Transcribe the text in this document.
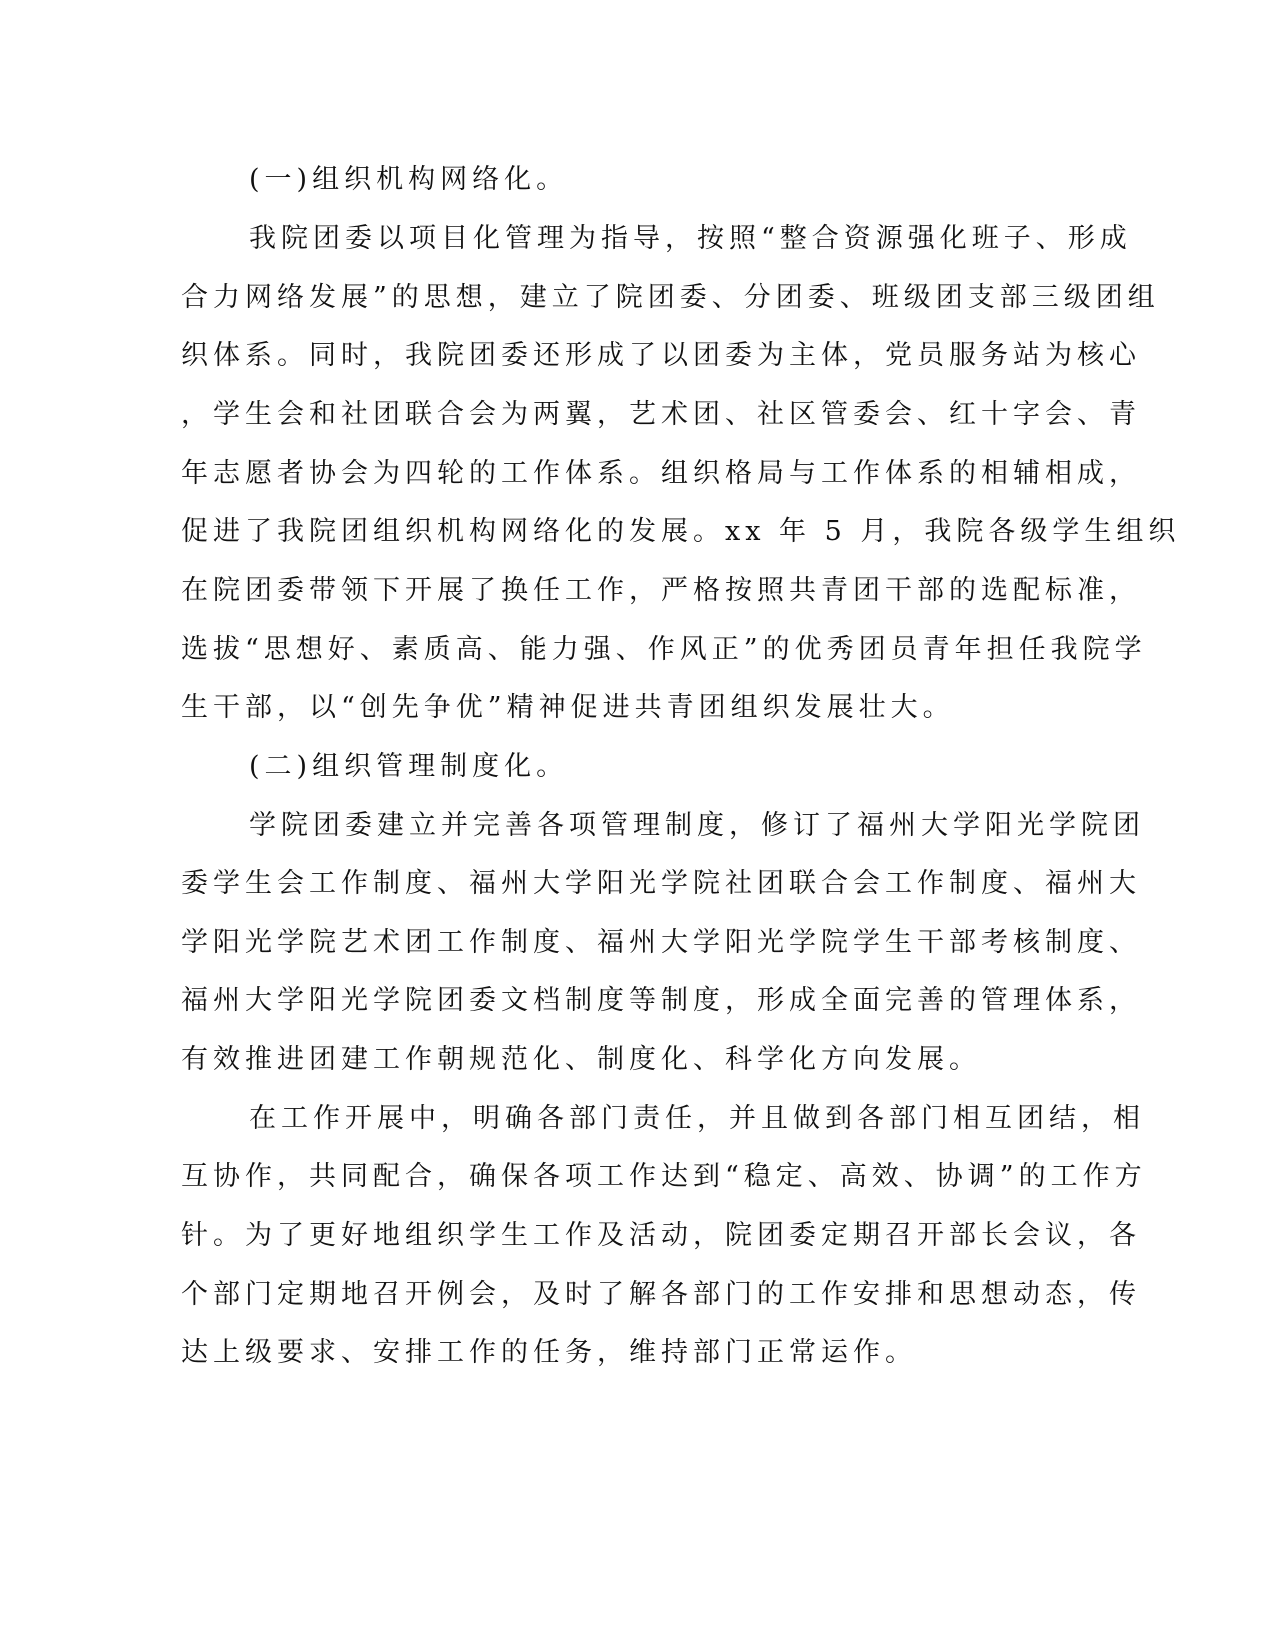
(一)组织机构网络化。
我院团委以项目化管理为指导，按照“整合资源强化班子、形成
合力网络发展”的思想，建立了院团委、分团委、班级团支部三级团组
织体系。同时，我院团委还形成了以团委为主体，党员服务站为核心
，学生会和社团联合会为两翼，艺术团、社区管委会、红十字会、青
年志愿者协会为四轮的工作体系。组织格局与工作体系的相辅相成，
促进了我院团组织机构网络化的发展。xx 年 5 月，我院各级学生组织
在院团委带领下开展了换任工作，严格按照共青团干部的选配标准，
选拔“思想好、素质高、能力强、作风正”的优秀团员青年担任我院学
生干部，以“创先争优”精神促进共青团组织发展壮大。
(二)组织管理制度化。
学院团委建立并完善各项管理制度，修订了福州大学阳光学院团
委学生会工作制度、福州大学阳光学院社团联合会工作制度、福州大
学阳光学院艺术团工作制度、福州大学阳光学院学生干部考核制度、
福州大学阳光学院团委文档制度等制度，形成全面完善的管理体系，
有效推进团建工作朝规范化、制度化、科学化方向发展。
在工作开展中，明确各部门责任，并且做到各部门相互团结，相
互协作，共同配合，确保各项工作达到“稳定、高效、协调”的工作方
针。为了更好地组织学生工作及活动，院团委定期召开部长会议，各
个部门定期地召开例会，及时了解各部门的工作安排和思想动态，传
达上级要求、安排工作的任务，维持部门正常运作。
